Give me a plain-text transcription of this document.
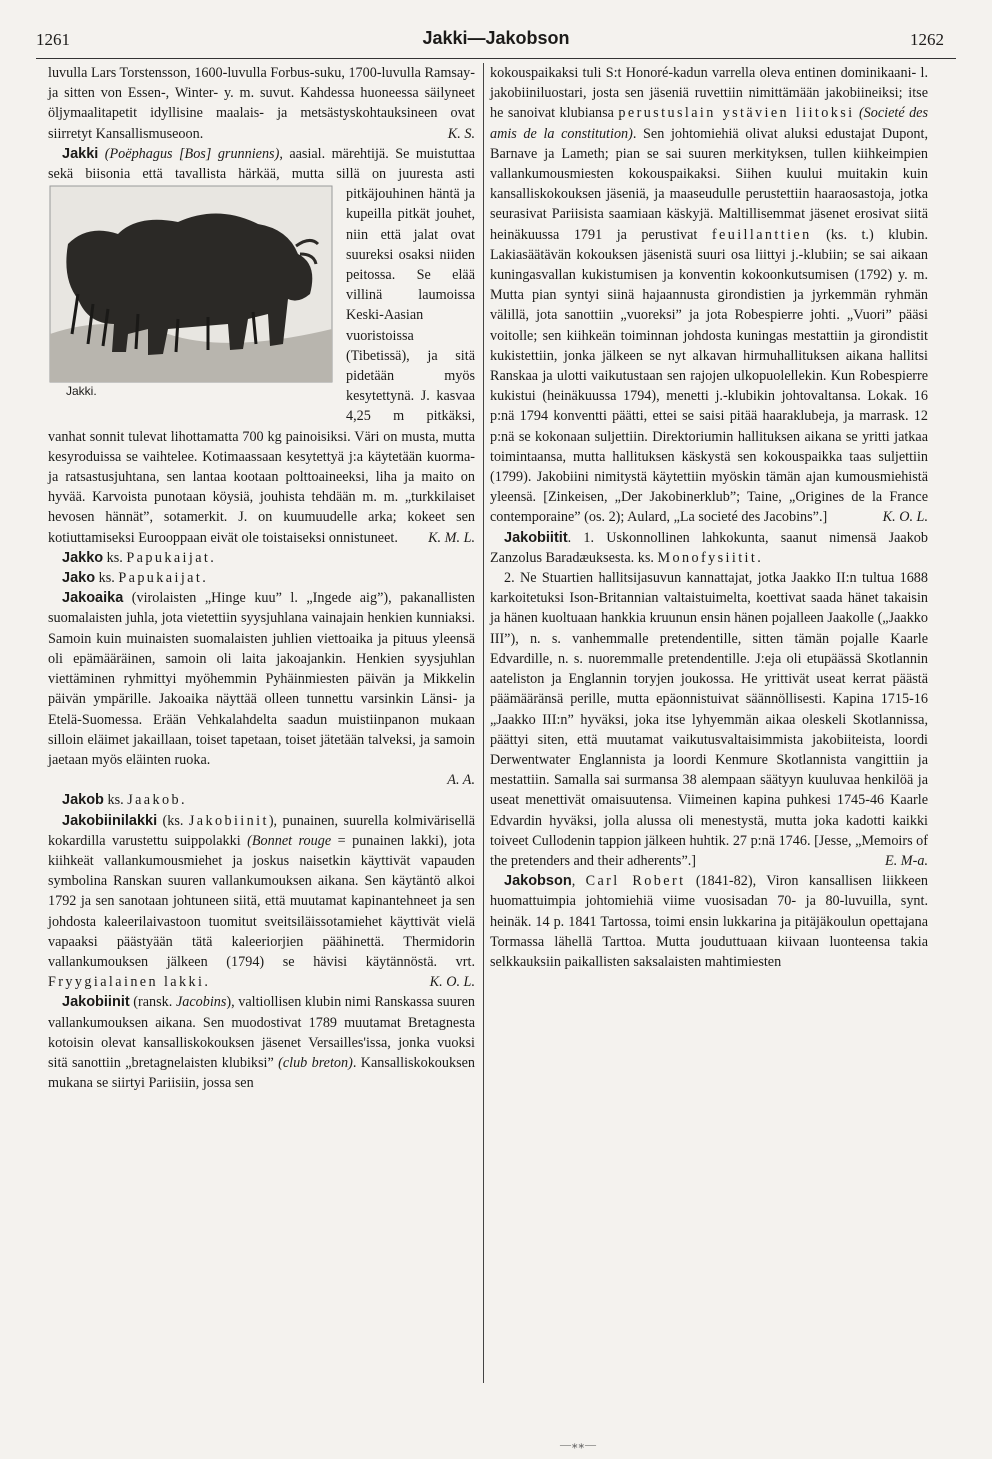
1261	Jakki—Jakobson	1262

luvulla Lars Torstensson, 1600-luvulla Forbus-suku, 1700-luvulla Ramsay- ja sitten von Essen-, Winter- y. m. suvut. Kahdessa huoneessa säilyneet öljymaalitapetit idyllisine maalais- ja metsästyskohtauksineen ovat siirretyt Kansallismuseoon.	K. S.

Jakki (Poëphagus [Bos] grunniens), aasial. märehtijä. Se muistuttaa sekä biisonia että tavallista härkää, mutta sillä on juuresta asti
Jakki.
pitkäjouhinen häntä ja kupeilla pitkät jouhet, niin että jalat ovat suureksi osaksi niiden peitossa. Se elää villinä laumoissa Keski-Aasian vuoristoissa (Tibetissä), ja sitä pidetään myös kesytettynä. J. kasvaa 4,25 m pitkäksi, vanhat sonnit tulevat lihottamatta 700 kg painoisiksi. Väri on musta, mutta kesyroduissa se vaihtelee. Kotimaassaan kesytettyä j:a käytetään kuorma- ja ratsastusjuhtana, sen lantaa kootaan polttoaineeksi, liha ja maito on hyvää. Karvoista punotaan köysiä, jouhista tehdään m. m. „turkkilaiset hevosen hännät”, sotamerkit. J. on kuumuudelle arka; kokeet sen kotiuttamiseksi Eurooppaan eivät ole toistaiseksi onnistuneet.	K. M. L.

Jakko ks. Papukaijat.

Jako ks. Papukaijat.

Jakoaika (virolaisten „Hinge kuu” l. „Ingede aig”), pakanallisten suomalaisten juhla, jota vietettiin syysjuhlana vainajain henkien kunniaksi. Samoin kuin muinaisten suomalaisten juhlien viettoaika ja pituus yleensä oli epämääräinen, samoin oli laita jakoajankin. Henkien syysjuhlan viettäminen ryhmittyi myöhemmin Pyhäinmiesten päivän ja Mikkelin päivän ympärille. Jakoaika näyttää olleen tunnettu varsinkin Länsi- ja Etelä-Suomessa. Erään Vehkalahdelta saadun muistiinpanon mukaan silloin eläimet jakaillaan, toiset tapetaan, toiset jätetään talveksi, ja samoin jaetaan myös eläinten ruoka.

A. A.

Jakob ks. Jaakob.

Jakobiinilakki (ks. Jakobiinit), punainen, suurella kolmivärisellä kokardilla varustettu suippolakki (Bonnet rouge = punainen lakki), jota kiihkeät vallankumousmiehet ja joskus naisetkin käyttivät vapauden symbolina Ranskan suuren vallankumouksen aikana. Sen käytäntö alkoi 1792 ja sen sanotaan johtuneen siitä, että muutamat kapinantehneet ja sen johdosta kaleerilaivastoon tuomitut sveitsiläissotamiehet käyttivät vielä vapaaksi päästyään tätä kaleeriorjien päähinettä. Thermidorin vallankumouksen jälkeen (1794) se hävisi käytännöstä. vrt. Fryygialainen lakki.	K. O. L.

Jakobiinit (ransk. Jacobins), valtiollisen klubin nimi Ranskassa suuren vallankumouksen aikana. Sen muodostivat 1789 muutamat Bretagnesta kotoisin olevat kansalliskokouksen jäsenet Versailles'issa, jonka vuoksi sitä sanottiin „bretagnelaisten klubiksi” (club breton). Kansalliskokouksen mukana se siirtyi Pariisiin, jossa sen

kokouspaikaksi tuli S:t Honoré-kadun varrella oleva entinen dominikaani- l. jakobiiniluostari, josta sen jäseniä ruvettiin nimittämään jakobiineiksi; itse he sanoivat klubiansa perustuslain ystävien liitoksi (Societé des amis de la constitution). Sen johtomiehiä olivat aluksi edustajat Dupont, Barnave ja Lameth; pian se sai suuren merkityksen, tullen kiihkeimpien vallankumousmiesten kokouspaikaksi. Siihen kuului muitakin kuin kansalliskokouksen jäseniä, ja maaseudulle perustettiin haaraosastoja, jotka seurasivat Pariisista saamiaan käskyjä. Maltillisemmat jäsenet erosivat siitä heinäkuussa 1791 ja perustivat feuillanttien (ks. t.) klubin. Lakiasäätävän kokouksen jäsenistä suuri osa liittyi j.-klubiin; se sai aikaan kuningasvallan kukistumisen ja konventin kokoonkutsumisen (1792) y. m. Mutta pian syntyi siinä hajaannusta girondistien ja jyrkemmän ryhmän välillä, jota sanottiin „vuoreksi” ja jota Robespierre johti. „Vuori” pääsi voitolle; sen kiihkeän toiminnan johdosta kuningas mestattiin ja girondistit kukistettiin, jonka jälkeen se nyt alkavan hirmuhallituksen aikana hallitsi Ranskaa ja ulotti vaikutustaan sen rajojen ulkopuolellekin. Kun Robespierre kukistui (heinäkuussa 1794), menetti j.-klubikin johtovaltansa. Lokak. 16 p:nä 1794 konventti päätti, ettei se saisi pitää haaraklubeja, ja marrask. 12 p:nä se kokonaan suljettiin. Direktoriumin hallituksen aikana se yritti jatkaa toimintaansa, mutta hallituksen käskystä sen kokouspaikka taas suljettiin (1799). Jakobiini nimitystä käytettiin myöskin tämän ajan kumousmiehistä yleensä. [Zinkeisen, „Der Jakobinerklub”; Taine, „Origines de la France contemporaine” (os. 2); Aulard, „La societé des Jacobins”.]	K. O. L.

Jakobiitit. 1. Uskonnollinen lahkokunta, saanut nimensä Jaakob Zanzolus Baradæuksesta. ks. Monofysiitit.

2. Ne Stuartien hallitsijasuvun kannattajat, jotka Jaakko II:n tultua 1688 karkoitetuksi Ison-Britannian valtaistuimelta, koettivat saada hänet takaisin ja hänen kuoltuaan hankkia kruunun ensin hänen pojalleen Jaakolle („Jaakko III”), n. s. vanhemmalle pretendentille, sitten tämän pojalle Kaarle Edvardille, n. s. nuoremmalle pretendentille. J:eja oli etupäässä Skotlannin aateliston ja Englannin toryjen joukossa. He yrittivät useat kerrat päästä päämääränsä perille, mutta epäonnistuivat säännöllisesti. Kapina 1715-16 „Jaakko III:n” hyväksi, joka itse lyhyemmän aikaa oleskeli Skotlannissa, päättyi siten, että muutamat vaikutusvaltaisimmista jakobiiteista, loordi Derwentwater Englannista ja loordi Kenmure Skotlannista vangittiin ja mestattiin. Samalla sai surmansa 38 alempaan säätyyn kuuluvaa henkilöä ja useat menettivät omaisuutensa. Viimeinen kapina puhkesi 1745-46 Kaarle Edvardin hyväksi, jolla alussa oli menestystä, mutta joka kadotti kaikki toiveet Cullodenin tappion jälkeen huhtik. 27 p:nä 1746. [Jesse, „Memoirs of the pretenders and their adherents”.]	E. M-a.

Jakobson, Carl Robert (1841-82), Viron kansallisen liikkeen huomattuimpia johtomiehiä viime vuosisadan 70- ja 80-luvuilla, synt. heinäk. 14 p. 1841 Tartossa, toimi ensin lukkarina ja pitäjäkoulun opettajana Tormassa lähellä Tarttoa. Mutta jouduttuaan kiivaan luonteensa takia selkkauksiin paikallisten saksalaisten mahtimiesten

—⁎⁎—
